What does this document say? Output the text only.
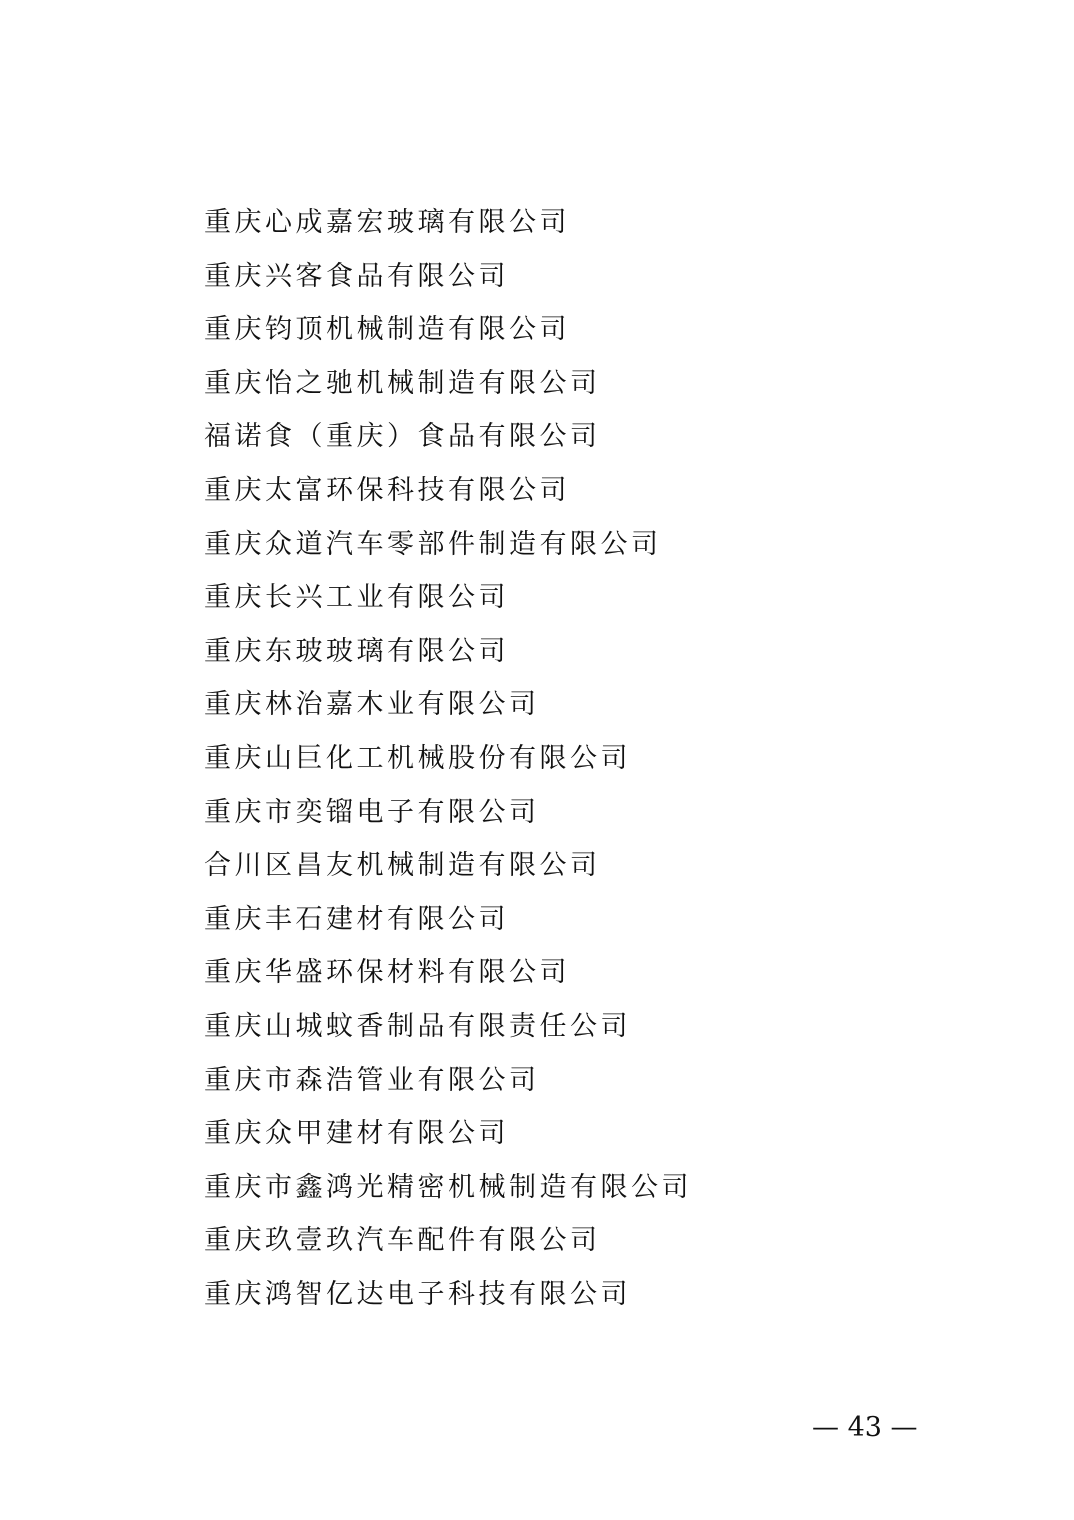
重庆心成嘉宏玻璃有限公司
重庆兴客食品有限公司
重庆钧顶机械制造有限公司
重庆怡之驰机械制造有限公司
福诺食（重庆）食品有限公司
重庆太富环保科技有限公司
重庆众道汽车零部件制造有限公司
重庆长兴工业有限公司
重庆东玻玻璃有限公司
重庆林治嘉木业有限公司
重庆山巨化工机械股份有限公司
重庆市奕镏电子有限公司
合川区昌友机械制造有限公司
重庆丰石建材有限公司
重庆华盛环保材料有限公司
重庆山城蚊香制品有限责任公司
重庆市森浩管业有限公司
重庆众甲建材有限公司
重庆市鑫鸿光精密机械制造有限公司
重庆玖壹玖汽车配件有限公司
重庆鸿智亿达电子科技有限公司
— 43 —
